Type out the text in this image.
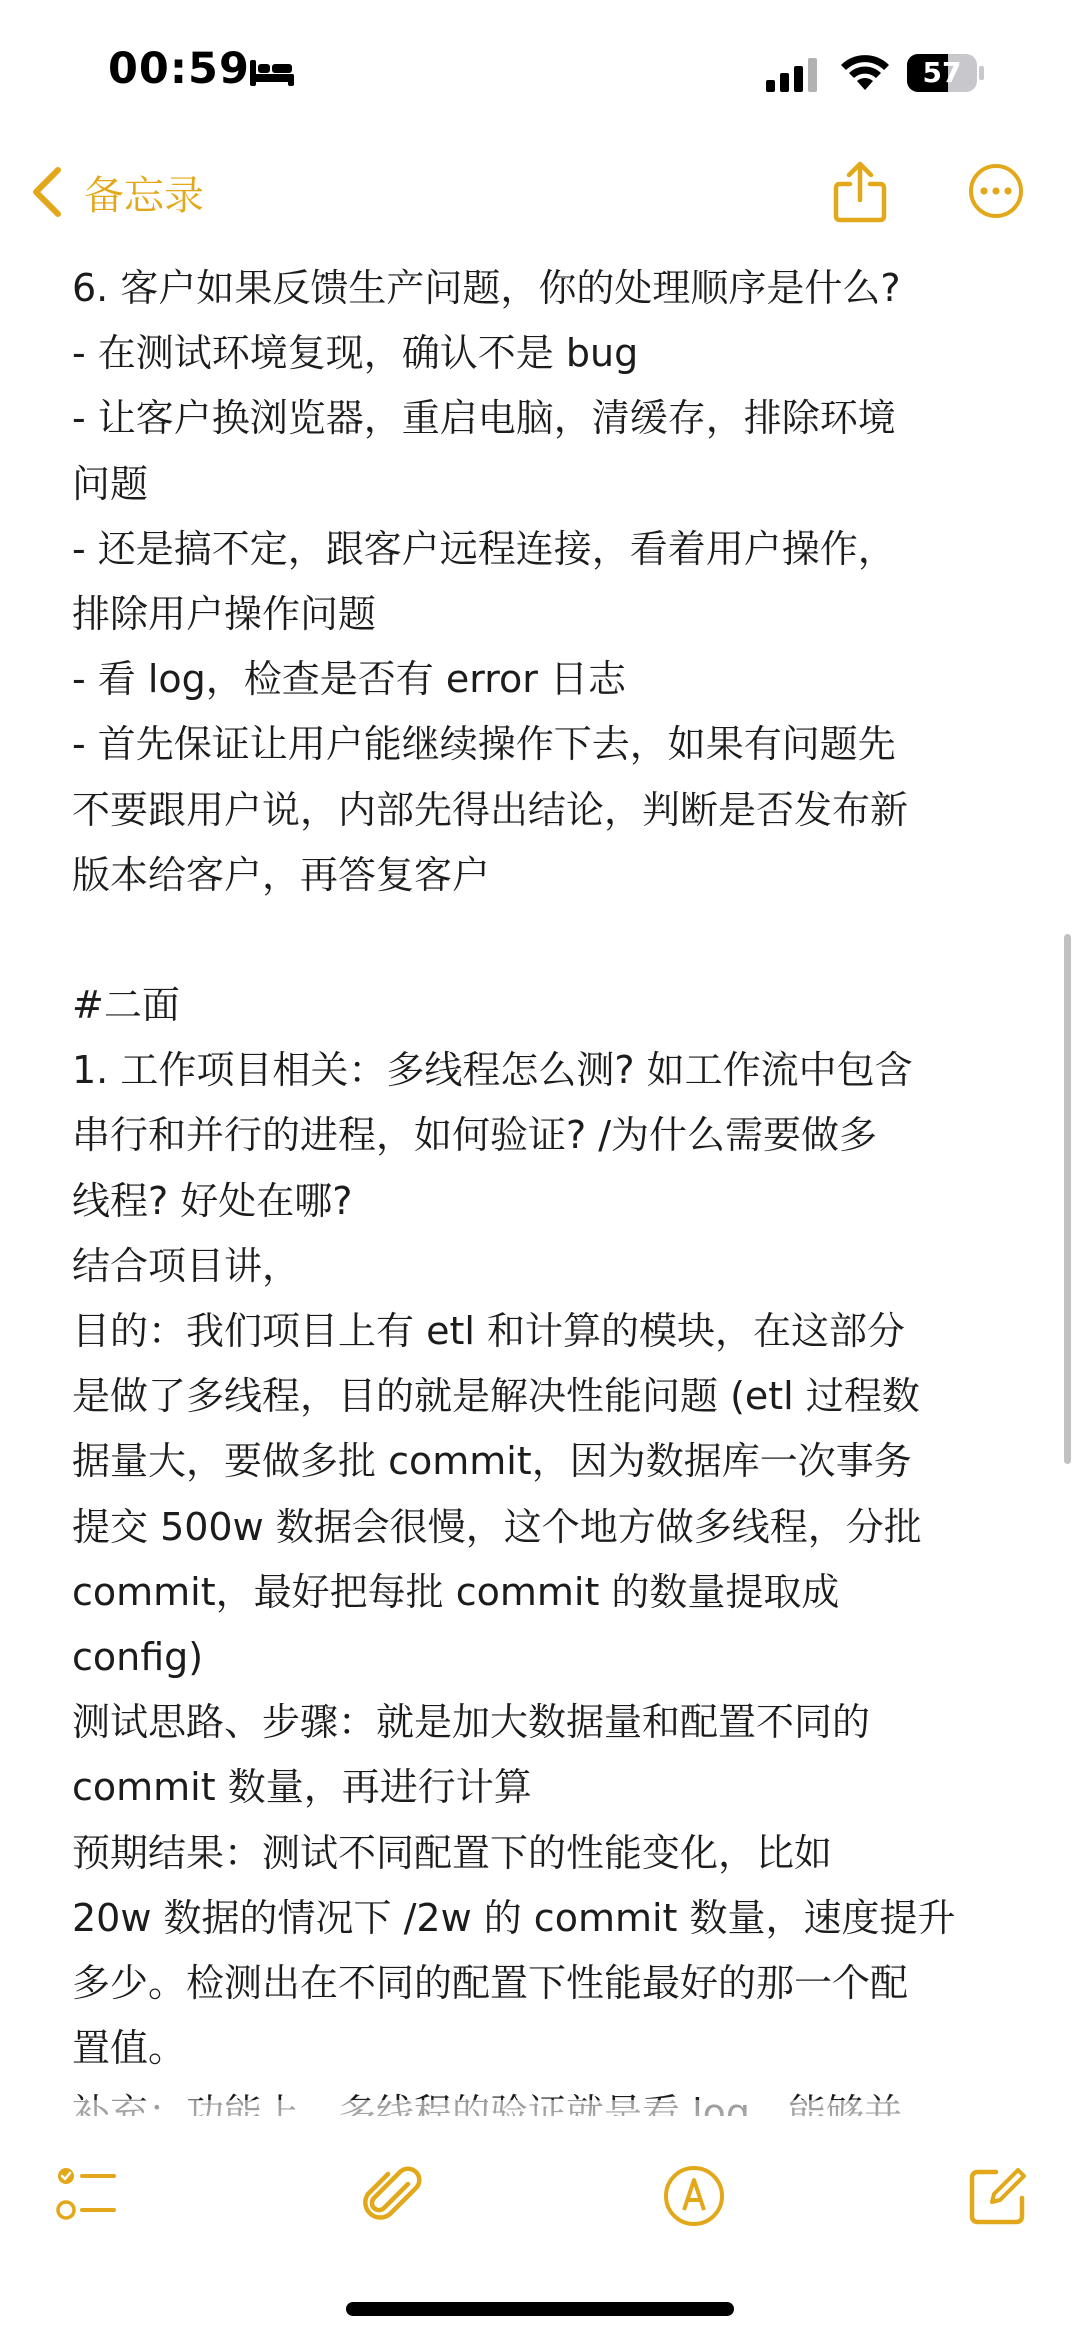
00:59	57
备忘录
6. 客户如果反馈生产问题，你的处理顺序是什么?
- 在测试环境复现，确认不是 bug
- 让客户换浏览器，重启电脑，清缓存，排除环境
问题
- 还是搞不定，跟客户远程连接，看着用户操作，
排除用户操作问题
- 看 log，检查是否有 error 日志
- 首先保证让用户能继续操作下去，如果有问题先
不要跟用户说，内部先得出结论，判断是否发布新
版本给客户，再答复客户
#二面
1. 工作项目相关：多线程怎么测? 如工作流中包含
串行和并行的进程，如何验证? /为什么需要做多
线程? 好处在哪?
结合项目讲，
目的：我们项目上有 etl 和计算的模块，在这部分
是做了多线程，目的就是解决性能问题 (etl 过程数
据量大，要做多批 commit，因为数据库一次事务
提交 500w 数据会很慢，这个地方做多线程，分批
commit，最好把每批 commit 的数量提取成
config)
测试思路、步骤：就是加大数据量和配置不同的
commit 数量，再进行计算
预期结果：测试不同配置下的性能变化，比如
20w 数据的情况下 /2w 的 commit 数量，速度提升
多少。检测出在不同的配置下性能最好的那一个配
置值。
